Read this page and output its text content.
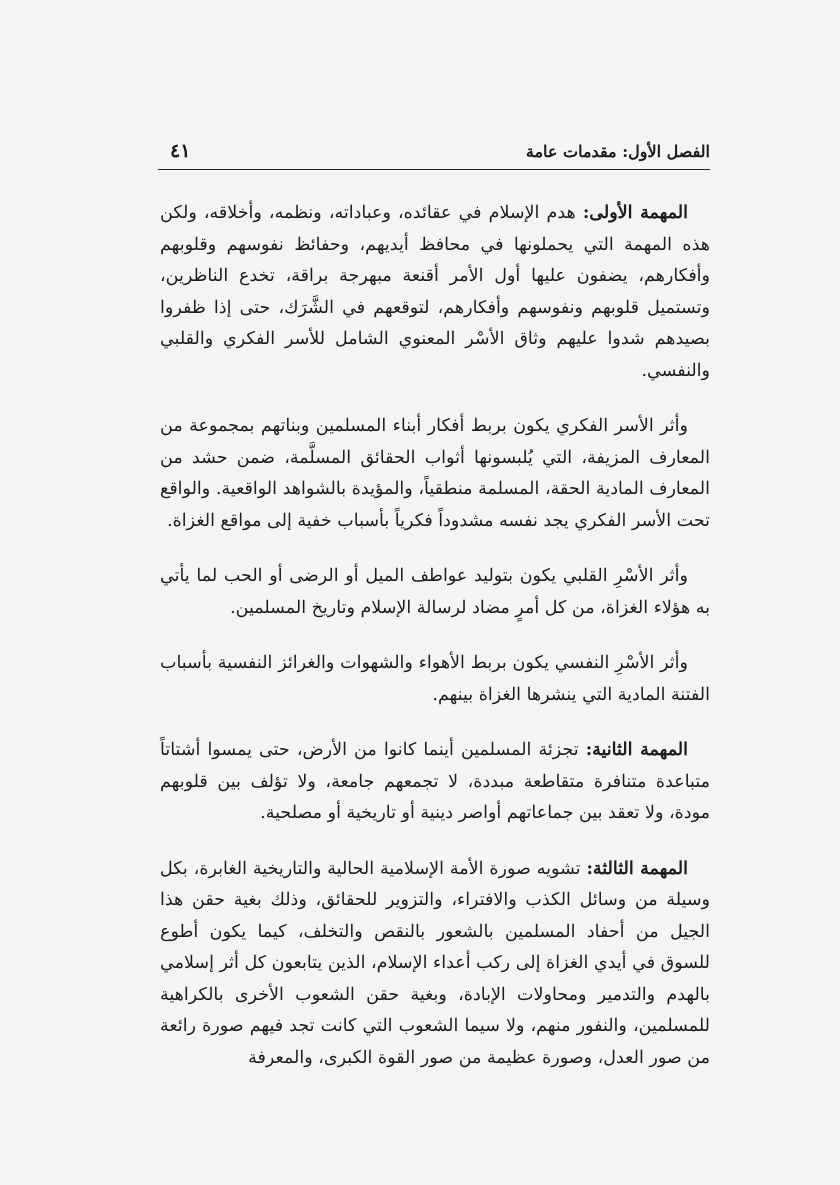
الفصل الأول: مقدمات عامة
٤١

المهمة الأولى: هدم الإسلام في عقائده، وعباداته، ونظمه، وأخلاقه، ولكن هذه المهمة التي يحملونها في محافظ أيديهم، وحفائظ نفوسهم وقلوبهم وأفكارهم، يضفون عليها أول الأمر أقنعة مبهرجة براقة، تخدع الناظرين، وتستميل قلوبهم ونفوسهم وأفكارهم، لتوقعهم في الشَّرَك، حتى إذا ظفروا بصيدهم شدوا عليهم وثاق الأسْر المعنوي الشامل للأسر الفكري والقلبي والنفسي.

وأثر الأسر الفكري يكون بربط أفكار أبناء المسلمين وبناتهم بمجموعة من المعارف المزيفة، التي يُلبسونها أثواب الحقائق المسلَّمة، ضمن حشد من المعارف المادية الحقة، المسلمة منطقياً، والمؤيدة بالشواهد الواقعية. والواقع تحت الأسر الفكري يجد نفسه مشدوداً فكرياً بأسباب خفية إلى مواقع الغزاة.

وأثر الأسْرِ القلبي يكون بتوليد عواطف الميل أو الرضى أو الحب لما يأتي به هؤلاء الغزاة، من كل أمرٍ مضاد لرسالة الإسلام وتاريخ المسلمين.

وأثر الأسْرِ النفسي يكون بربط الأهواء والشهوات والغرائز النفسية بأسباب الفتنة المادية التي ينشرها الغزاة بينهم.

المهمة الثانية: تجزئة المسلمين أينما كانوا من الأرض، حتى يمسوا أشتاتاً متباعدة متنافرة متقاطعة مبددة، لا تجمعهم جامعة، ولا تؤلف بين قلوبهم مودة، ولا تعقد بين جماعاتهم أواصر دينية أو تاريخية أو مصلحية.

المهمة الثالثة: تشويه صورة الأمة الإسلامية الحالية والتاريخية الغابرة، بكل وسيلة من وسائل الكذب والافتراء، والتزوير للحقائق، وذلك بغية حقن هذا الجيل من أحفاد المسلمين بالشعور بالنقص والتخلف، كيما يكون أطوع للسوق في أيدي الغزاة إلى ركب أعداء الإسلام، الذين يتابعون كل أثر إسلامي بالهدم والتدمير ومحاولات الإبادة، وبغية حقن الشعوب الأخرى بالكراهية للمسلمين، والنفور منهم، ولا سيما الشعوب التي كانت تجد فيهم صورة رائعة من صور العدل، وصورة عظيمة من صور القوة الكبرى، والمعرفة
